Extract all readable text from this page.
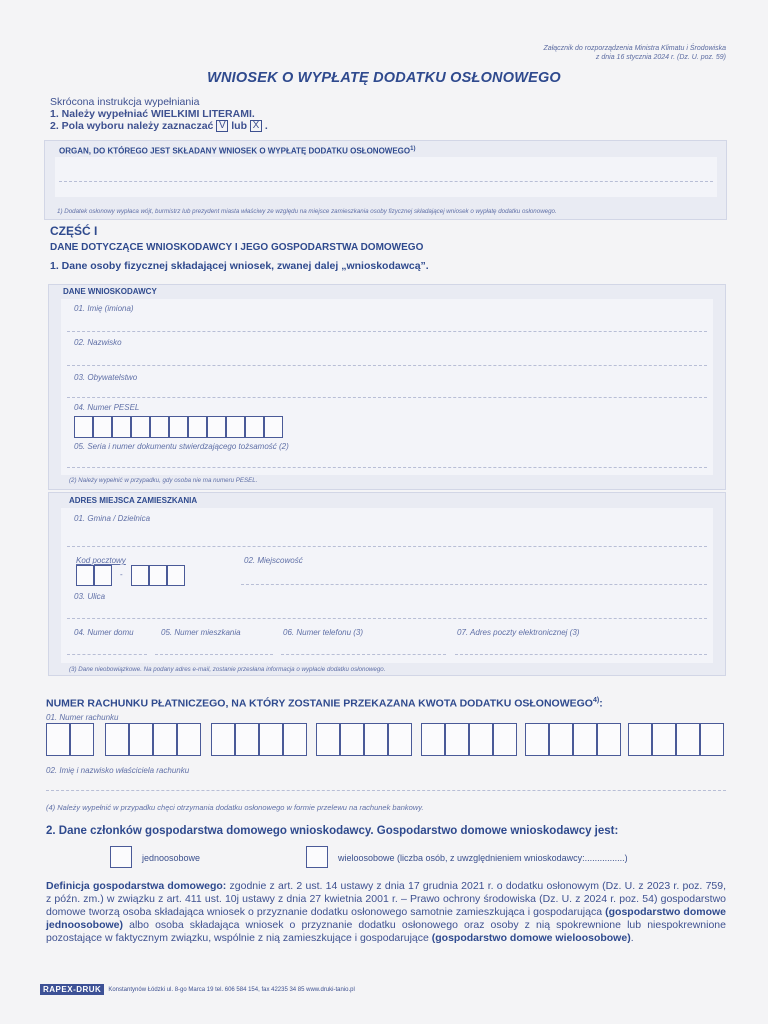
Załącznik do rozporządzenia Ministra Klimatu i Środowiska
z dnia 16 stycznia 2024 r. (Dz. U. poz. 59)
WNIOSEK O WYPŁATĘ DODATKU OSŁONOWEGO
Skrócona instrukcja wypełniania
1. Należy wypełniać WIELKIMI LITERAMI.
2. Pola wyboru należy zaznaczać V lub X .
ORGAN, DO KTÓREGO JEST SKŁADANY WNIOSEK O WYPŁATĘ DODATKU OSŁONOWEGO$^{1)}$
1) Dodatek osłonowy wypłaca wójt, burmistrz lub prezydent miasta właściwy ze względu na miejsce zamieszkania osoby fizycznej składającej wniosek o wypłatę dodatku osłonowego.
CZĘŚĆ I
DANE DOTYCZĄCE WNIOSKODAWCY I JEGO GOSPODARSTWA DOMOWEGO
1. Dane osoby fizycznej składającej wniosek, zwanej dalej „wnioskodawcą”.
DANE WNIOSKODAWCY
01. Imię (imiona)
02. Nazwisko
03. Obywatelstwo
04. Numer PESEL
05. Seria i numer dokumentu stwierdzającego tożsamość (2)
(2) Należy wypełnić w przypadku, gdy osoba nie ma numeru PESEL.
ADRES MIEJSCA ZAMIESZKANIA
01. Gmina / Dzielnica
Kod pocztowy
-
02. Miejscowość
03. Ulica
04. Numer domu	05. Numer mieszkania	06. Numer telefonu (3)	07. Adres poczty elektronicznej (3)
(3) Dane nieobowiązkowe. Na podany adres e-mail, zostanie przesłana informacja o wypłacie dodatku osłonowego.
NUMER RACHUNKU PŁATNICZEGO, NA KTÓRY ZOSTANIE PRZEKAZANA KWOTA DODATKU OSŁONOWEGO$^{4)}$:
01. Numer rachunku
02. Imię i nazwisko właściciela rachunku
(4) Należy wypełnić w przypadku chęci otrzymania dodatku osłonowego w formie przelewu na rachunek bankowy.
2. Dane członków gospodarstwa domowego wnioskodawcy. Gospodarstwo domowe wnioskodawcy jest:
jednoosobowe	wieloosobowe (liczba osób, z uwzględnieniem wnioskodawcy:................)
Definicja gospodarstwa domowego: zgodnie z art. 2 ust. 14 ustawy z dnia 17 grudnia 2021 r. o dodatku osłonowym (Dz. U. z 2023 r. poz. 759, z późn. zm.) w związku z art. 411 ust. 10j ustawy z dnia 27 kwietnia 2001 r. – Prawo ochrony środowiska (Dz. U. z 2024 r. poz. 54) gospodarstwo domowe tworzą osoba składająca wniosek o przyznanie dodatku osłonowego samotnie zamieszkująca i gospodarująca (gospodarstwo domowe jednoosobowe) albo osoba składająca wniosek o przyznanie dodatku osłonowego oraz osoby z nią spokrewnione lub niespokrewnione pozostające w faktycznym związku, wspólnie z nią zamieszkujące i gospodarujące (gospodarstwo domowe wieloosobowe).
RAPEX-DRUK	Konstantynów Łódzki ul. 8-go Marca 19 tel. 606 584 154, fax 42235 34 85 www.druki-tanio.pl
